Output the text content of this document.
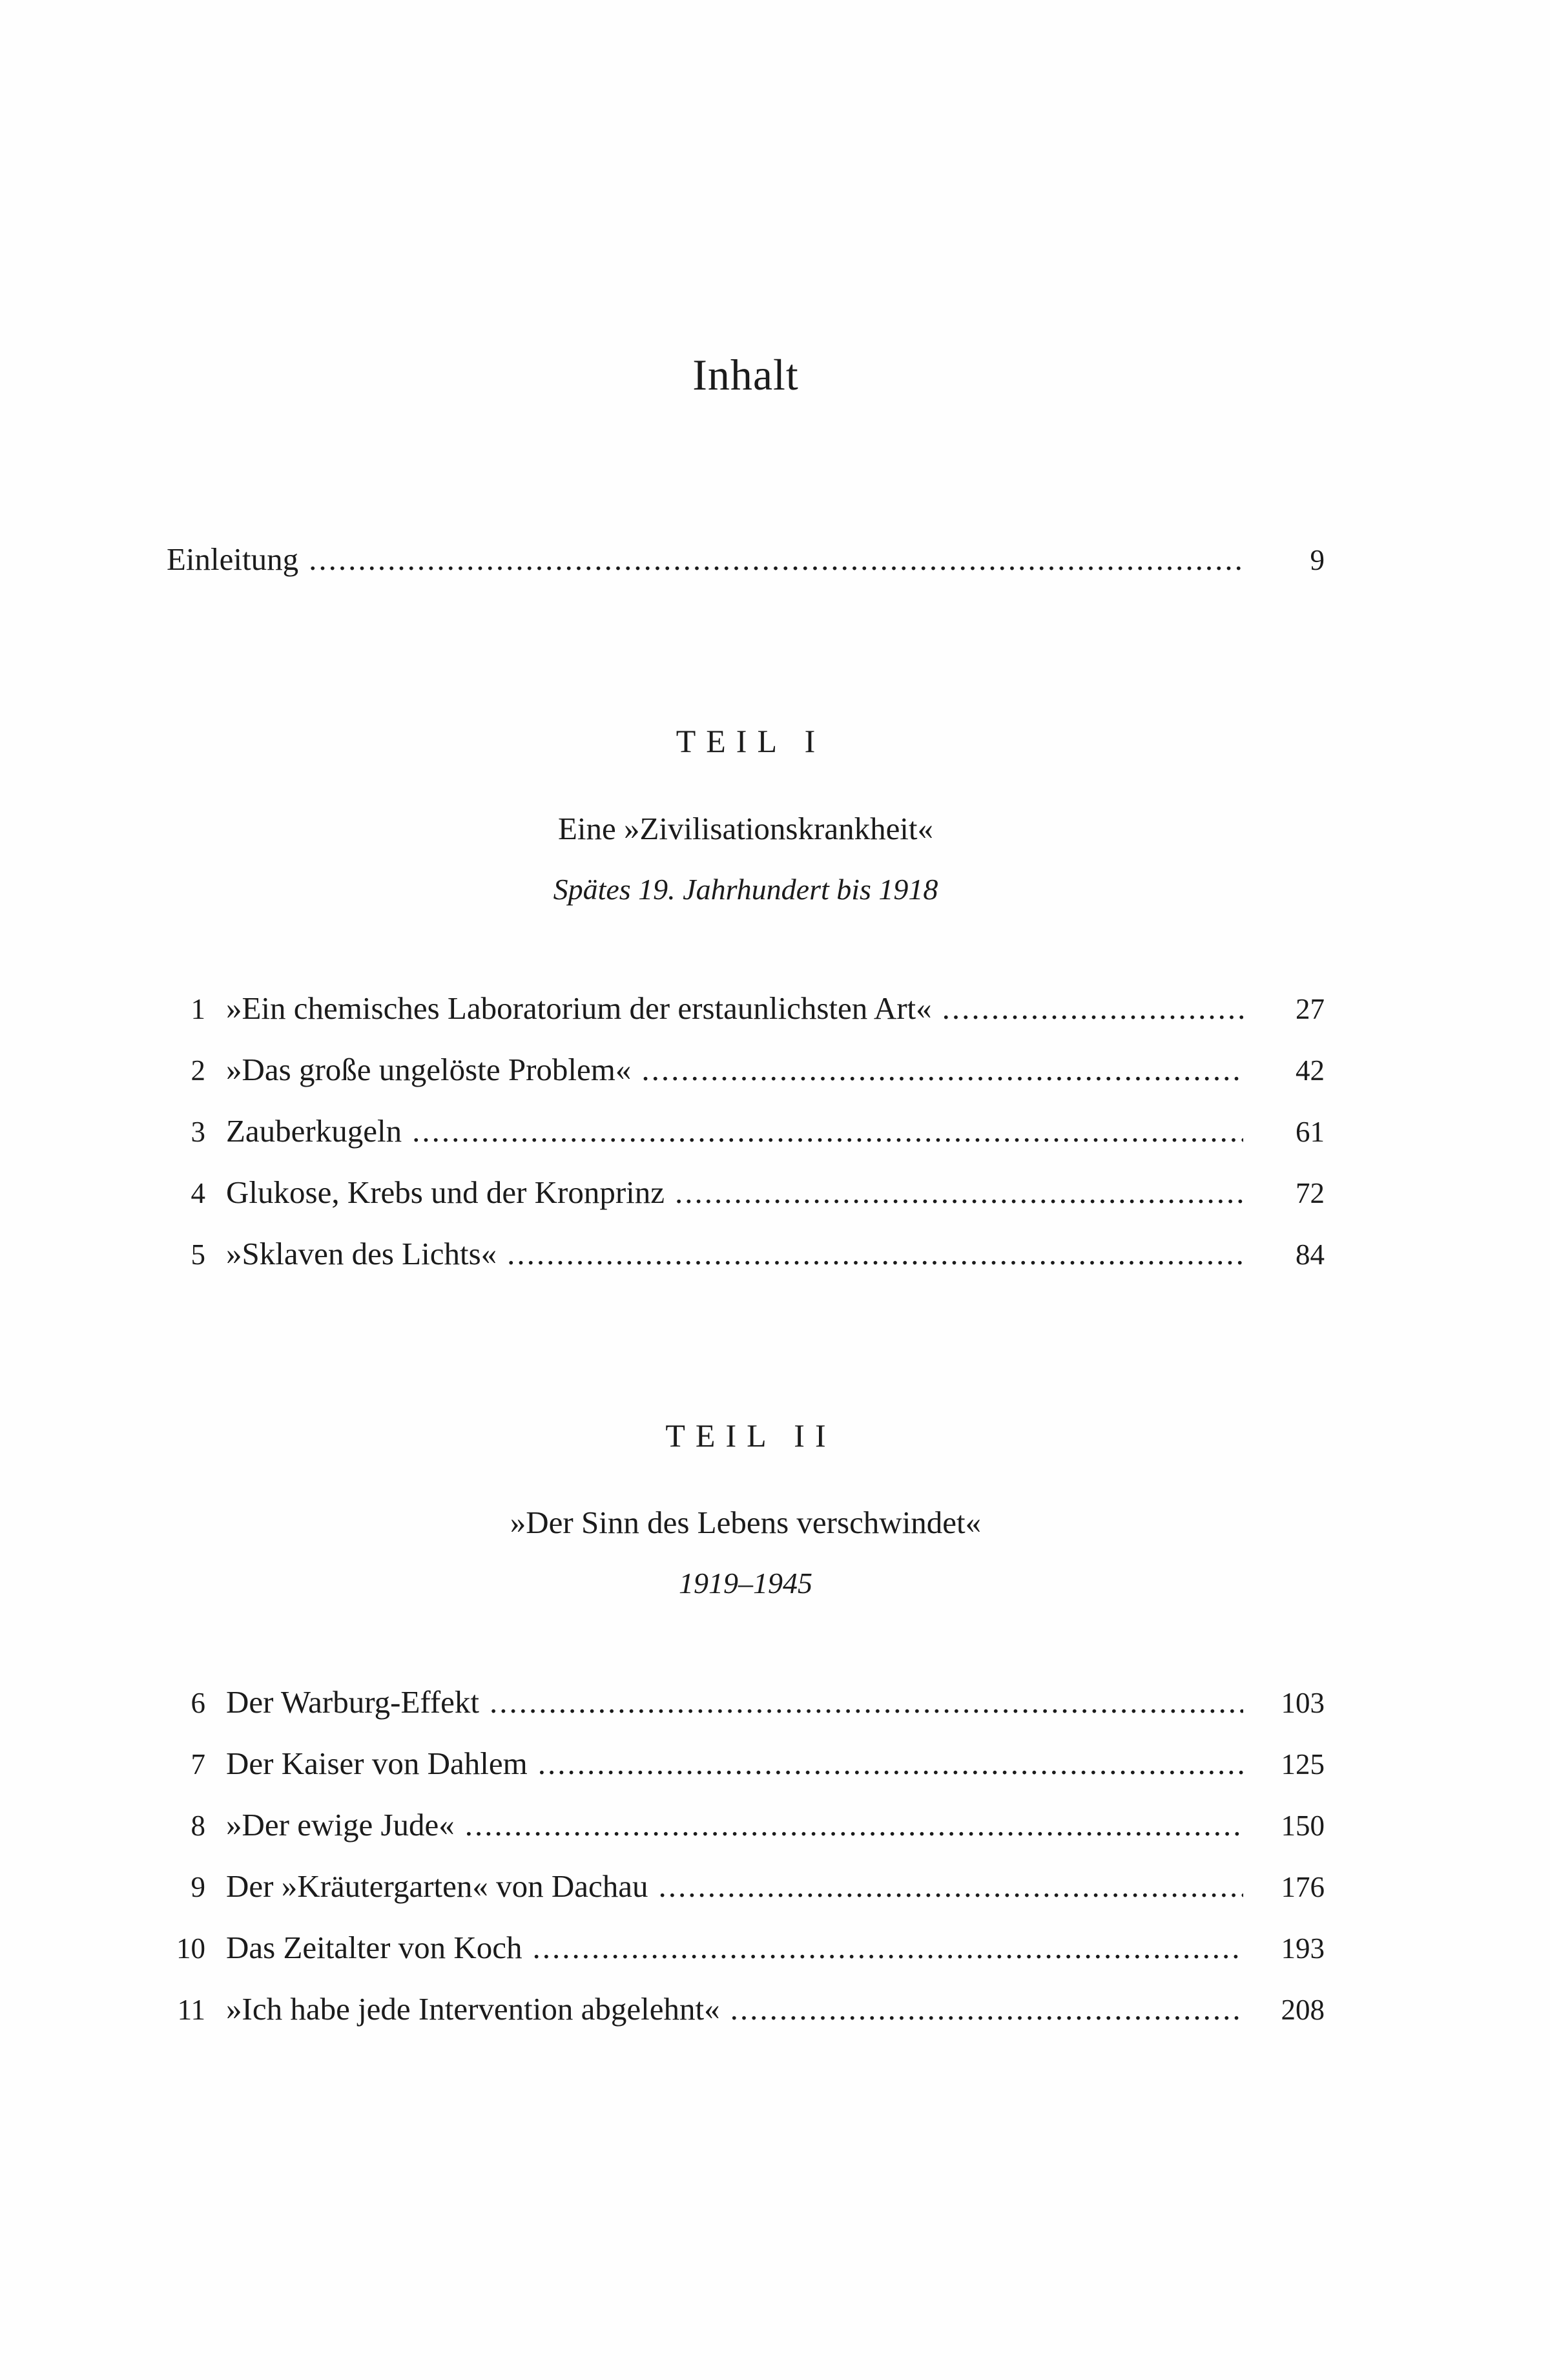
Inhalt
Einleitung .....	9
TEIL I
Eine »Zivilisationskrankheit«
Spätes 19. Jahrhundert bis 1918
1 »Ein chemisches Laboratorium der erstaunlichsten Art« .....	27
2 »Das große ungelöste Problem« .....	42
3 Zauberkugeln .....	61
4 Glukose, Krebs und der Kronprinz .....	72
5 »Sklaven des Lichts« .....	84
TEIL II
»Der Sinn des Lebens verschwindet«
1919–1945
6 Der Warburg-Effekt .....	103
7 Der Kaiser von Dahlem .....	125
8 »Der ewige Jude« .....	150
9 Der »Kräutergarten« von Dachau .....	176
10 Das Zeitalter von Koch .....	193
11 »Ich habe jede Intervention abgelehnt« .....	208
